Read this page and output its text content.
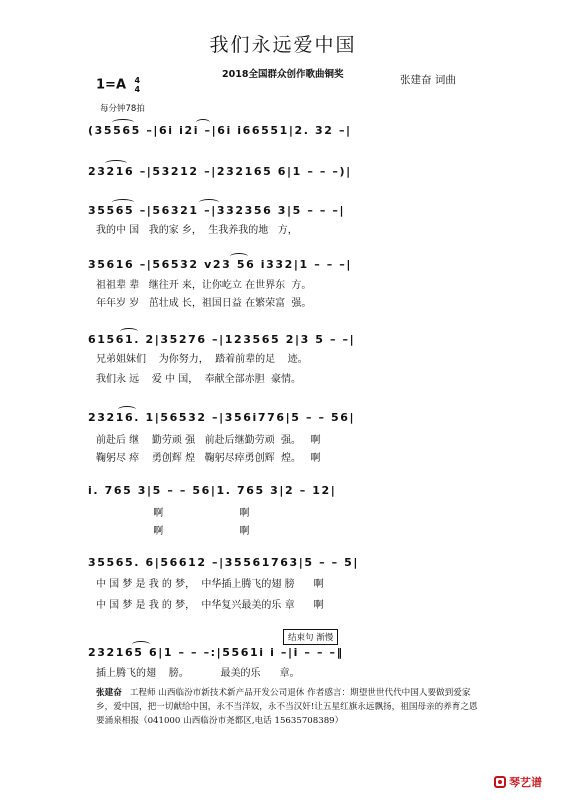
我们永远爱中国
2018全国群众创作歌曲铜奖	张建奋 词曲
1=A 4
4
每分钟78拍
(35565 –|6i i2i –|6i i66551|2. 32 –|
23216 –|53212 –|232165 6|1 – – –)|
35565 –|56321 –|332356 3|5 – – –|
我的中 国   我的家 乡，  生我养我的地   方，
35616 –|56532 v23 56 i332|1 – – –|
祖祖辈 辈   继往开 来，让你屹立 在世界东  方。
年年岁 岁   茁壮成 长，祖国日益 在繁荣富  强。
61561. 2|35276 –|123565 2|3 5 – –|
兄弟姐妹们    为你努力，  踏着前辈的足    迹。
我们永 远    爱 中 国，  奉献全部赤胆  豪情。
23216. 1|56532 –|356i776|5 – – 56|
前赴后 继    勤劳顽 强   前赴后继勤劳顽  强。   啊
鞠躬尽 瘁    勇创辉 煌   鞠躬尽瘁勇创辉  煌。   啊
i. 765 3|5 – – 56|1. 765 3|2 – 12|
啊                        啊
啊                        啊
35565. 6|56612 –|35561763|5 – – 5|
中 国 梦 是 我 的 梦，  中华插上腾飞的翅 膀      啊
中 国 梦 是 我 的 梦，  中华复兴最美的乐 章      啊
结束句 渐慢
232165 6|1 – – –:|5561i i –|i – – –‖
插上腾飞的翅    膀。          最美的乐      章。
张建奋 工程师 山西临汾市新技术新产品开发公司退休 作者感言：期望世世代代中国人要做到爱家乡，爱中国，把一切献给中国，永不当洋奴，永不当汉奸!让五星红旗永远飘扬，祖国母亲的养育之恩要涌泉相报（041000 山西临汾市尧都区,电话 15635708389）
琴艺谱
